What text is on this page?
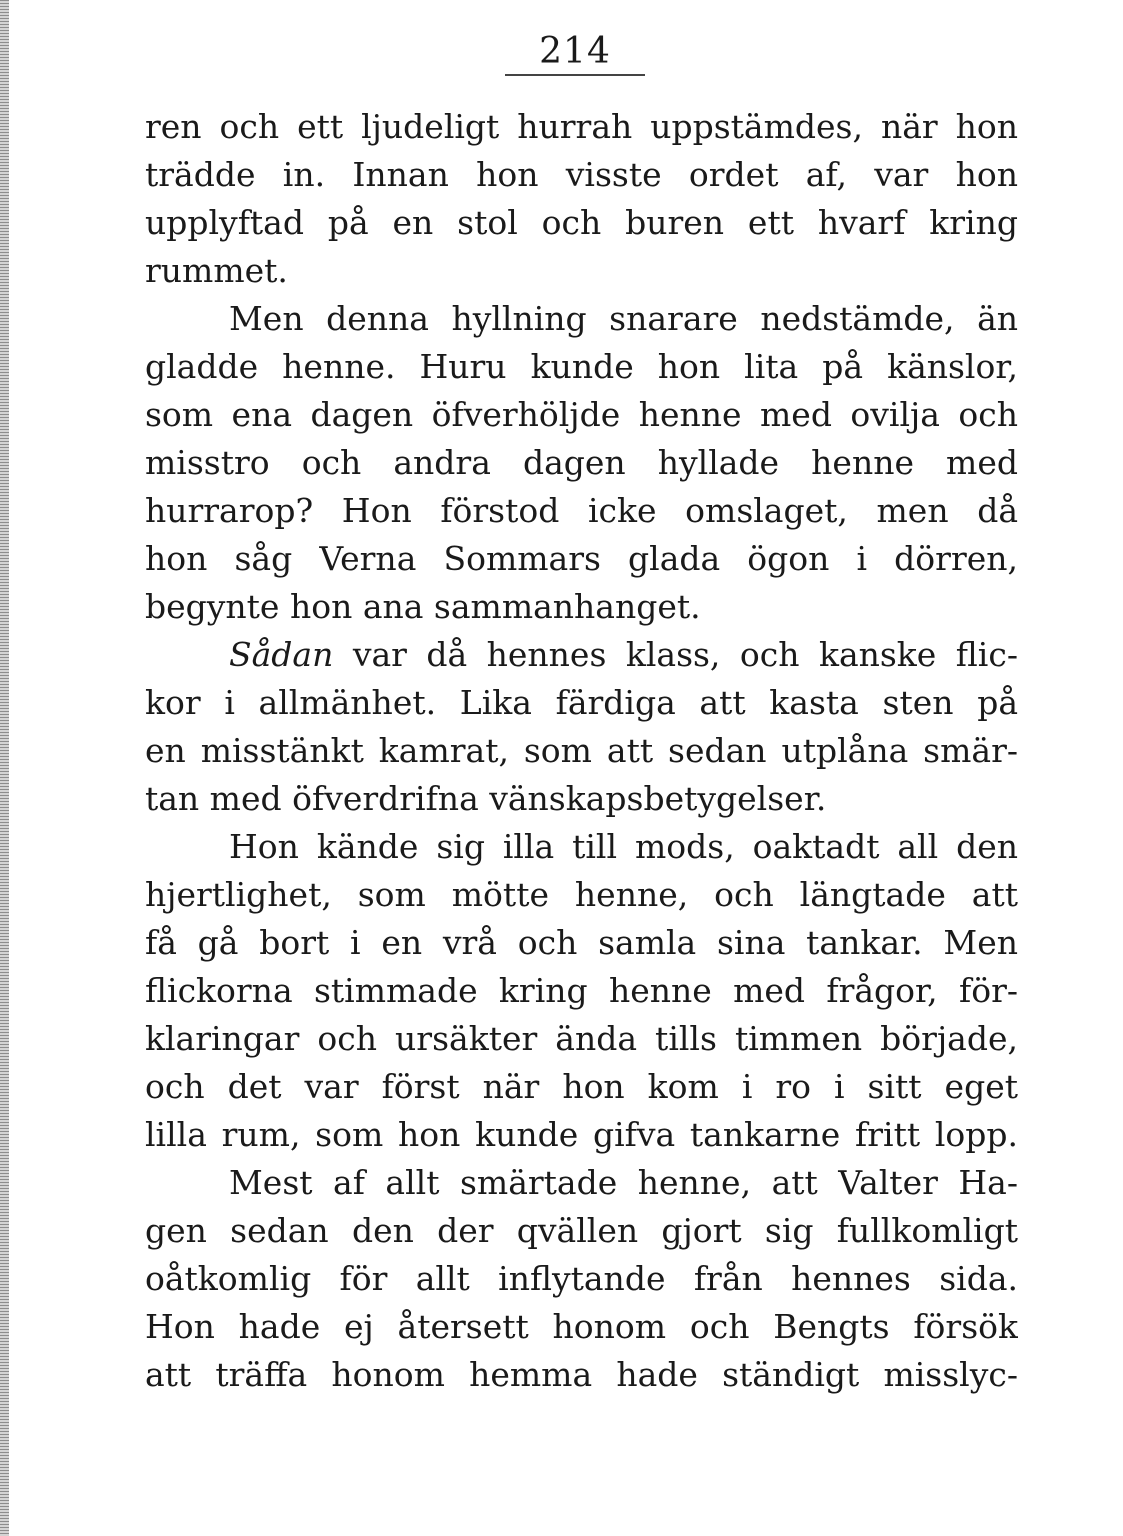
214
ren och ett ljudeligt hurrah uppstämdes, när hon
trädde in. Innan hon visste ordet af, var hon
upplyftad på en stol och buren ett hvarf kring
rummet.
Men denna hyllning snarare nedstämde, än
gladde henne. Huru kunde hon lita på känslor,
som ena dagen öfverhöljde henne med ovilja och
misstro och andra dagen hyllade henne med
hurrarop? Hon förstod icke omslaget, men då
hon såg Verna Sommars glada ögon i dörren,
begynte hon ana sammanhanget.
Sådan var då hennes klass, och kanske flic-
kor i allmänhet. Lika färdiga att kasta sten på
en misstänkt kamrat, som att sedan utplåna smär-
tan med öfverdrifna vänskapsbetygelser.
Hon kände sig illa till mods, oaktadt all den
hjertlighet, som mötte henne, och längtade att
få gå bort i en vrå och samla sina tankar. Men
flickorna stimmade kring henne med frågor, för-
klaringar och ursäkter ända tills timmen började,
och det var först när hon kom i ro i sitt eget
lilla rum, som hon kunde gifva tankarne fritt lopp.
Mest af allt smärtade henne, att Valter Ha-
gen sedan den der qvällen gjort sig fullkomligt
oåtkomlig för allt inflytande från hennes sida.
Hon hade ej återsett honom och Bengts försök
att träffa honom hemma hade ständigt misslyc-
